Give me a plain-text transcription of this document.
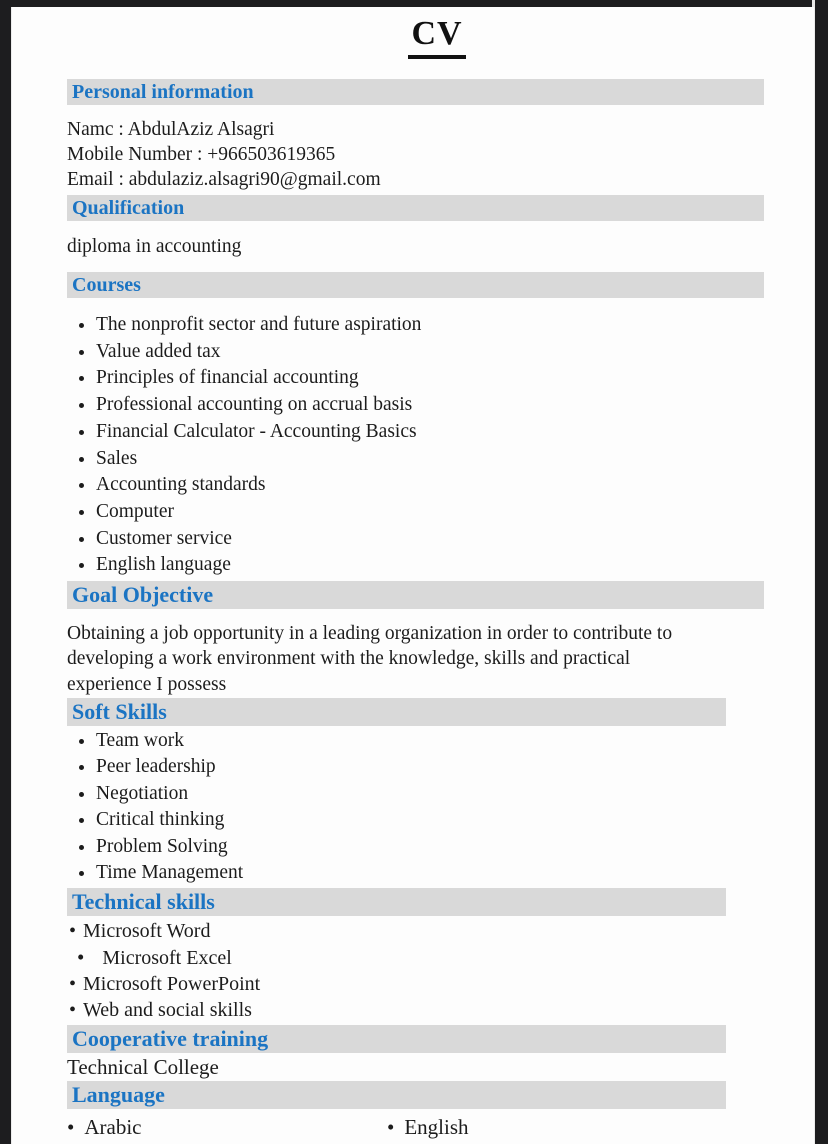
CV
Personal information
Namc : AbdulAziz Alsagri
Mobile Number : +966503619365
Email : abdulaziz.alsagri90@gmail.com
Qualification
diploma in accounting
Courses
• The nonprofit sector and future aspiration
• Value added tax
• Principles of financial accounting
• Professional accounting on accrual basis
• Financial Calculator - Accounting Basics
• Sales
• Accounting standards
• Computer
• Customer service
• English language
Goal Objective
Obtaining a job opportunity in a leading organization in order to contribute to developing a work environment with the knowledge, skills and practical experience I possess
Soft Skills
• Team work
• Peer leadership
• Negotiation
• Critical thinking
• Problem Solving
• Time Management
Technical skills
• Microsoft Word
• Microsoft Excel
• Microsoft PowerPoint
• Web and social skills
Cooperative training
Technical College
Language
• Arabic	• English
